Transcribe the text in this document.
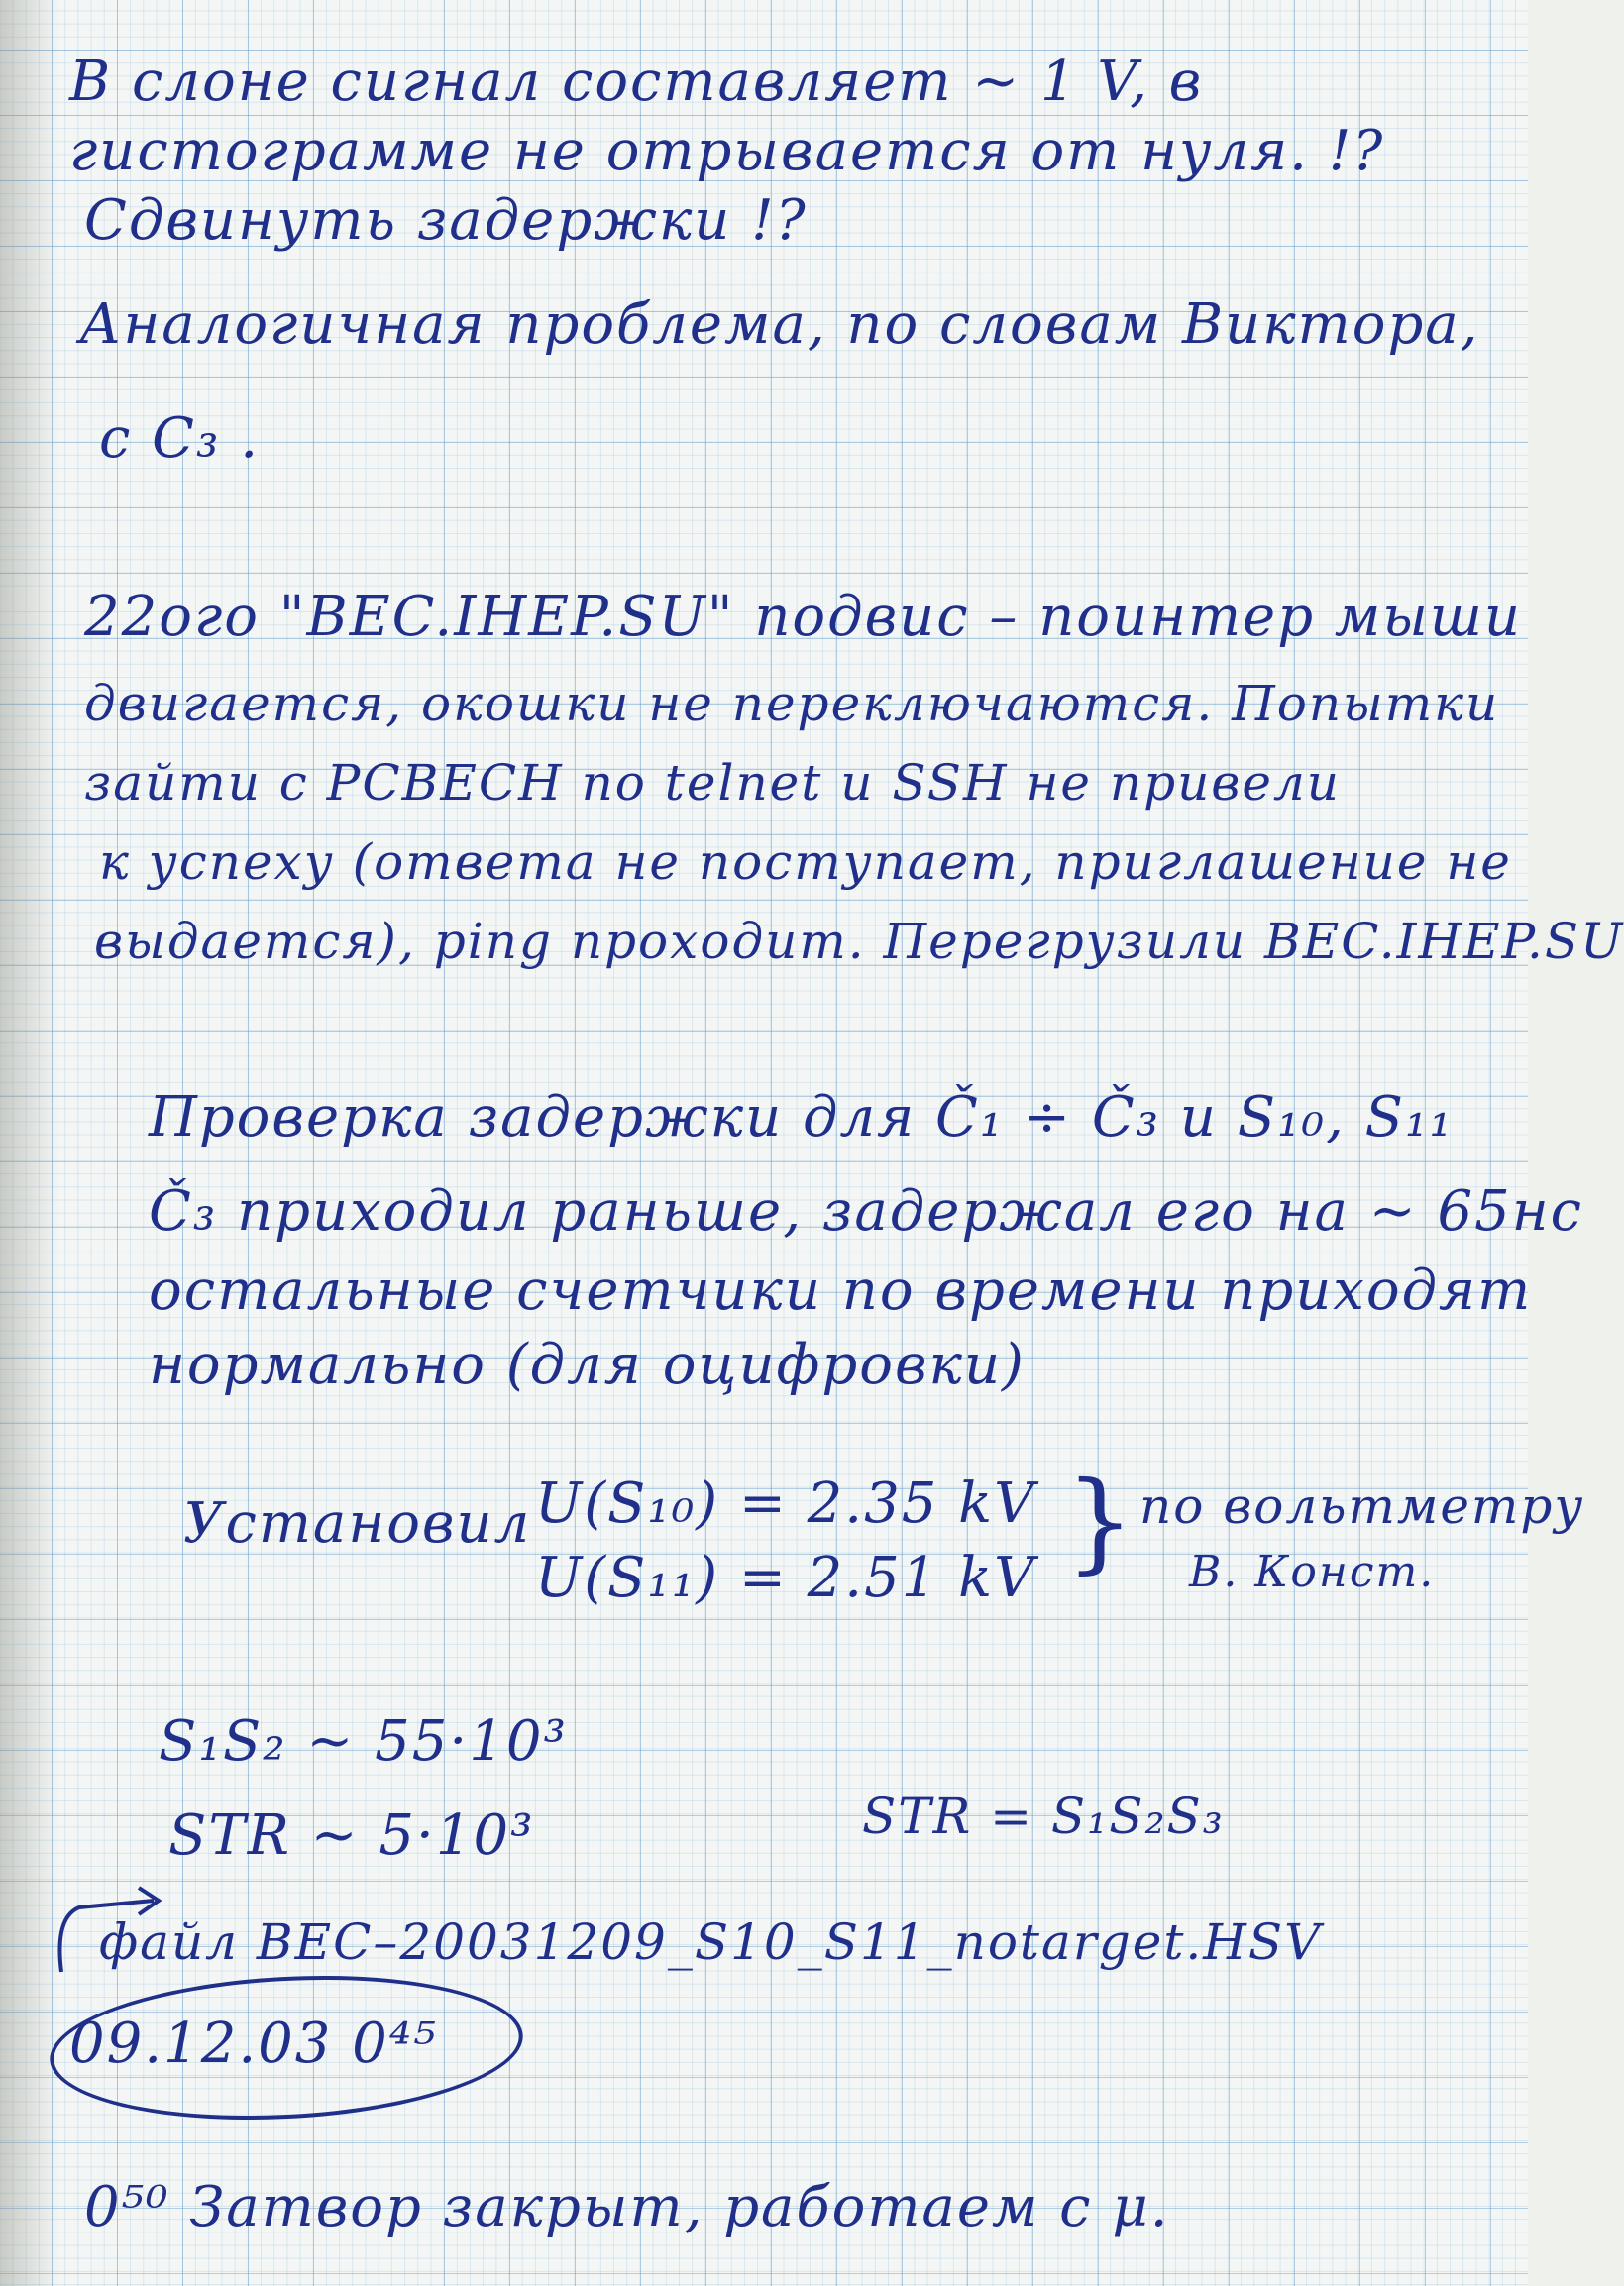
В слоне сигнал составляет ~ 1 V, в
гистограмме не отрывается от нуля. !?
Сдвинуть задержки !?
Аналогичная проблема, по словам Виктора,
с C₃ .
22ого "BEC.IHEP.SU" подвис – поинтер мыши
двигается, окошки не переключаются. Попытки
зайти с PCBECH по telnet и SSH не привели
к успеху (ответа не поступает, приглашение не
выдается), ping проходит. Перегрузили BEC.IHEP.SU
Проверка задержки для Č₁ ÷ Č₃ и S₁₀, S₁₁
Č₃ приходил раньше, задержал его на ~ 65нс
остальные счетчики по времени приходят
нормально (для оцифровки)
Установил U(S₁₀) = 2.35 kV
U(S₁₁) = 2.51 kV } по вольтметру
В. Конст.
S₁S₂ ~ 55·10³
STR ~ 5·10³	STR = S₁S₂S₃
файл BEC–20031209_S10_S11_notarget.HSV
09.12.03 0⁴⁵
0⁵⁰ Затвор закрыт, работаем с μ.
